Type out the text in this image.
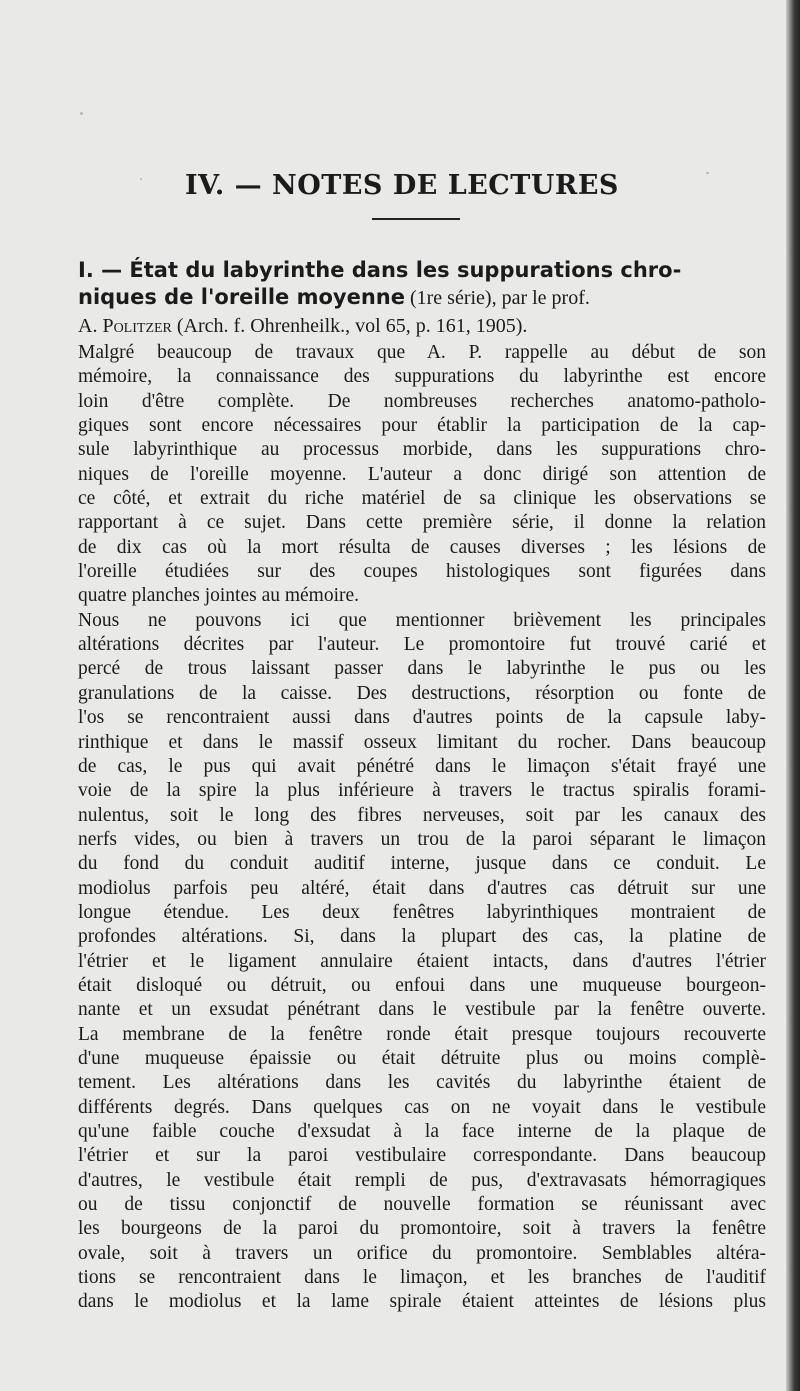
IV. — NOTES DE LECTURES
I. — État du labyrinthe dans les suppurations chro-
niques de l'oreille moyenne (1re série), par le prof.
A. Politzer (Arch. f. Ohrenheilk., vol 65, p. 161, 1905).
Malgré beaucoup de travaux que A. P. rappelle au début de son
mémoire, la connaissance des suppurations du labyrinthe est encore
loin d'être complète. De nombreuses recherches anatomo-patholo-
giques sont encore nécessaires pour établir la participation de la cap-
sule labyrinthique au processus morbide, dans les suppurations chro-
niques de l'oreille moyenne. L'auteur a donc dirigé son attention de
ce côté, et extrait du riche matériel de sa clinique les observations se
rapportant à ce sujet. Dans cette première série, il donne la relation
de dix cas où la mort résulta de causes diverses ; les lésions de
l'oreille étudiées sur des coupes histologiques sont figurées dans
quatre planches jointes au mémoire.
Nous ne pouvons ici que mentionner brièvement les principales
altérations décrites par l'auteur. Le promontoire fut trouvé carié et
percé de trous laissant passer dans le labyrinthe le pus ou les
granulations de la caisse. Des destructions, résorption ou fonte de
l'os se rencontraient aussi dans d'autres points de la capsule laby-
rinthique et dans le massif osseux limitant du rocher. Dans beaucoup
de cas, le pus qui avait pénétré dans le limaçon s'était frayé une
voie de la spire la plus inférieure à travers le tractus spiralis forami-
nulentus, soit le long des fibres nerveuses, soit par les canaux des
nerfs vides, ou bien à travers un trou de la paroi séparant le limaçon
du fond du conduit auditif interne, jusque dans ce conduit. Le
modiolus parfois peu altéré, était dans d'autres cas détruit sur une
longue étendue. Les deux fenêtres labyrinthiques montraient de
profondes altérations. Si, dans la plupart des cas, la platine de
l'étrier et le ligament annulaire étaient intacts, dans d'autres l'étrier
était disloqué ou détruit, ou enfoui dans une muqueuse bourgeon-
nante et un exsudat pénétrant dans le vestibule par la fenêtre ouverte.
La membrane de la fenêtre ronde était presque toujours recouverte
d'une muqueuse épaissie ou était détruite plus ou moins complè-
tement. Les altérations dans les cavités du labyrinthe étaient de
différents degrés. Dans quelques cas on ne voyait dans le vestibule
qu'une faible couche d'exsudat à la face interne de la plaque de
l'étrier et sur la paroi vestibulaire correspondante. Dans beaucoup
d'autres, le vestibule était rempli de pus, d'extravasats hémorragiques
ou de tissu conjonctif de nouvelle formation se réunissant avec
les bourgeons de la paroi du promontoire, soit à travers la fenêtre
ovale, soit à travers un orifice du promontoire. Semblables altéra-
tions se rencontraient dans le limaçon, et les branches de l'auditif
dans le modiolus et la lame spirale étaient atteintes de lésions plus
